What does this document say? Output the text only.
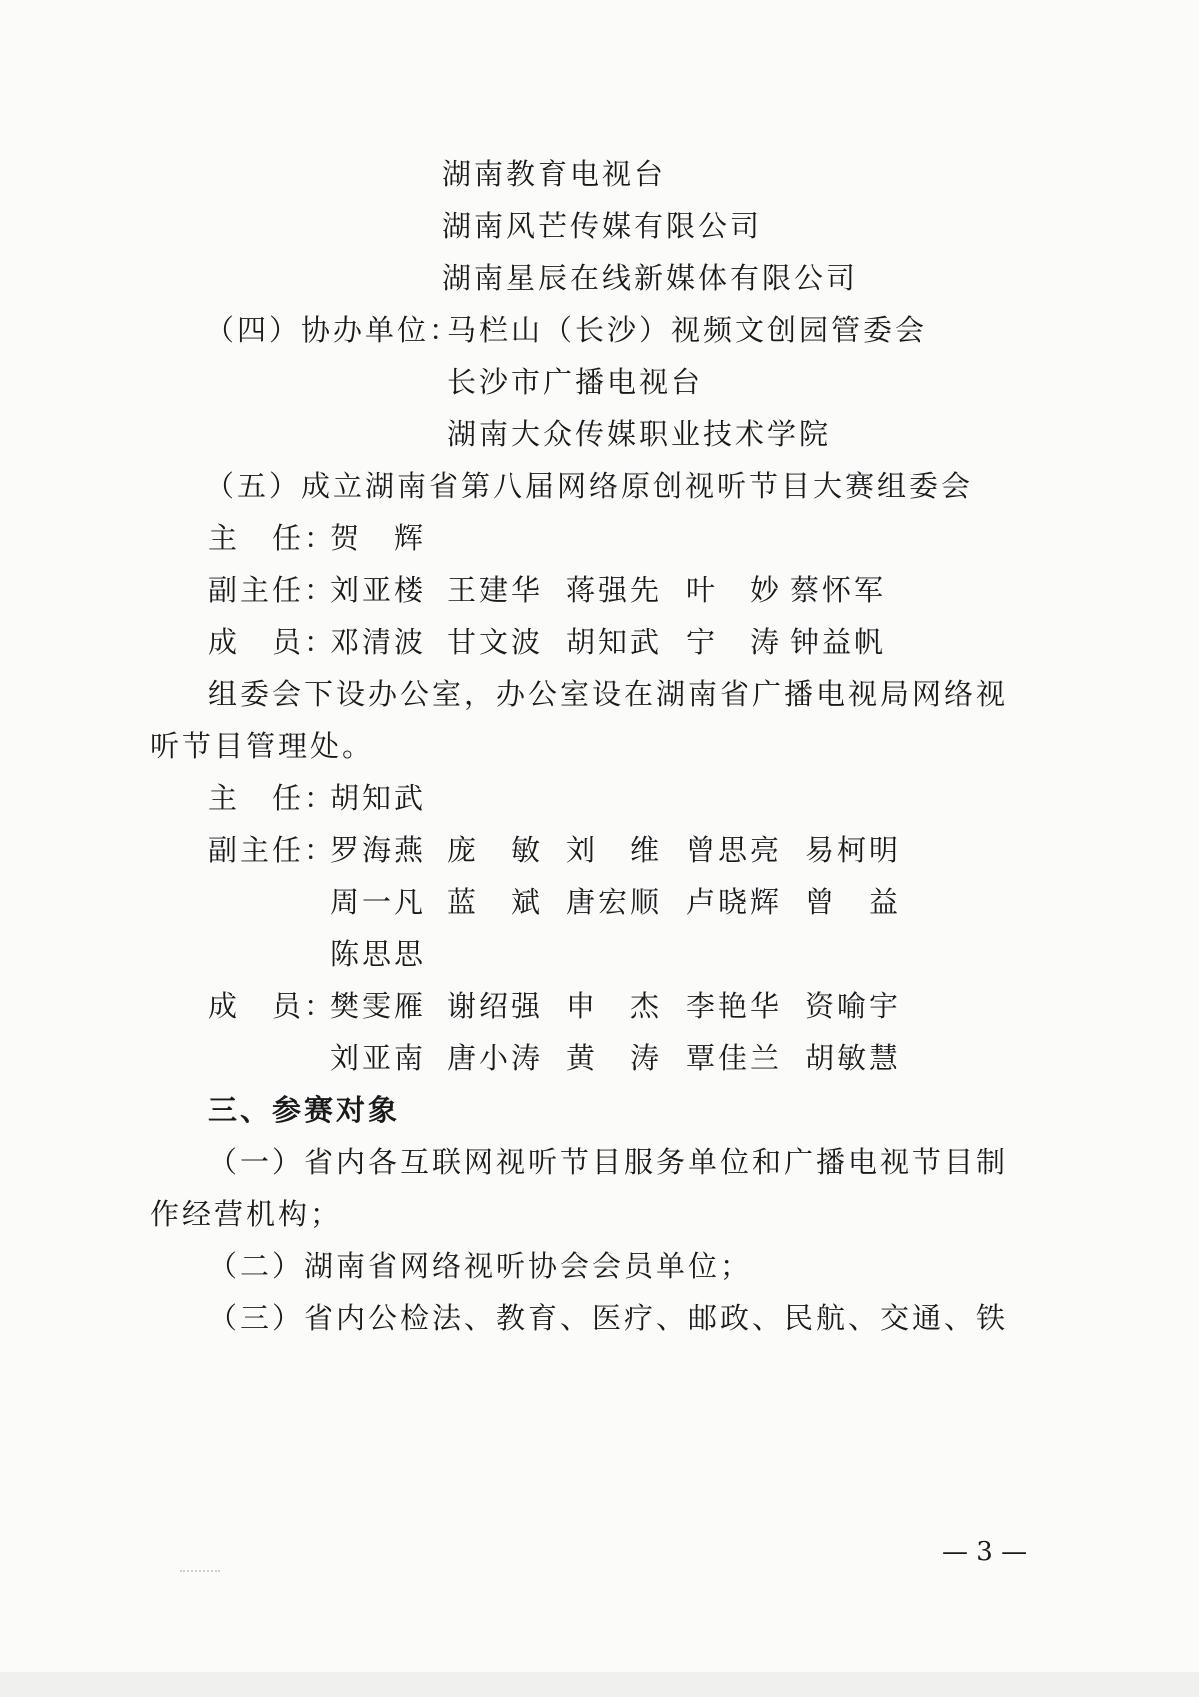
湖南教育电视台
湖南风芒传媒有限公司
湖南星辰在线新媒体有限公司
（四）协办单位：
马栏山（长沙）视频文创园管委会
长沙市广播电视台
湖南大众传媒职业技术学院
（五）成立湖南省第八届网络原创视听节目大赛组委会
主　任：
贺　辉
副主任：
刘亚楼 王建华 蒋强先 叶　妙 蔡怀军
成　员：
邓清波 甘文波 胡知武 宁　涛 钟益帆
组委会下设办公室，办公室设在湖南省广播电视局网络视
听节目管理处。
主　任：
胡知武
副主任：
罗海燕 庞　敏 刘　维 曾思亮 易柯明
周一凡 蓝　斌 唐宏顺 卢晓辉 曾　益
陈思思
成　员：
樊雯雁 谢绍强 申　杰 李艳华 资喻宇
刘亚南 唐小涛 黄　涛 覃佳兰 胡敏慧
三、参赛对象
（一）省内各互联网视听节目服务单位和广播电视节目制
作经营机构；
（二）湖南省网络视听协会会员单位；
（三）省内公检法、教育、医疗、邮政、民航、交通、铁
— 3 —
